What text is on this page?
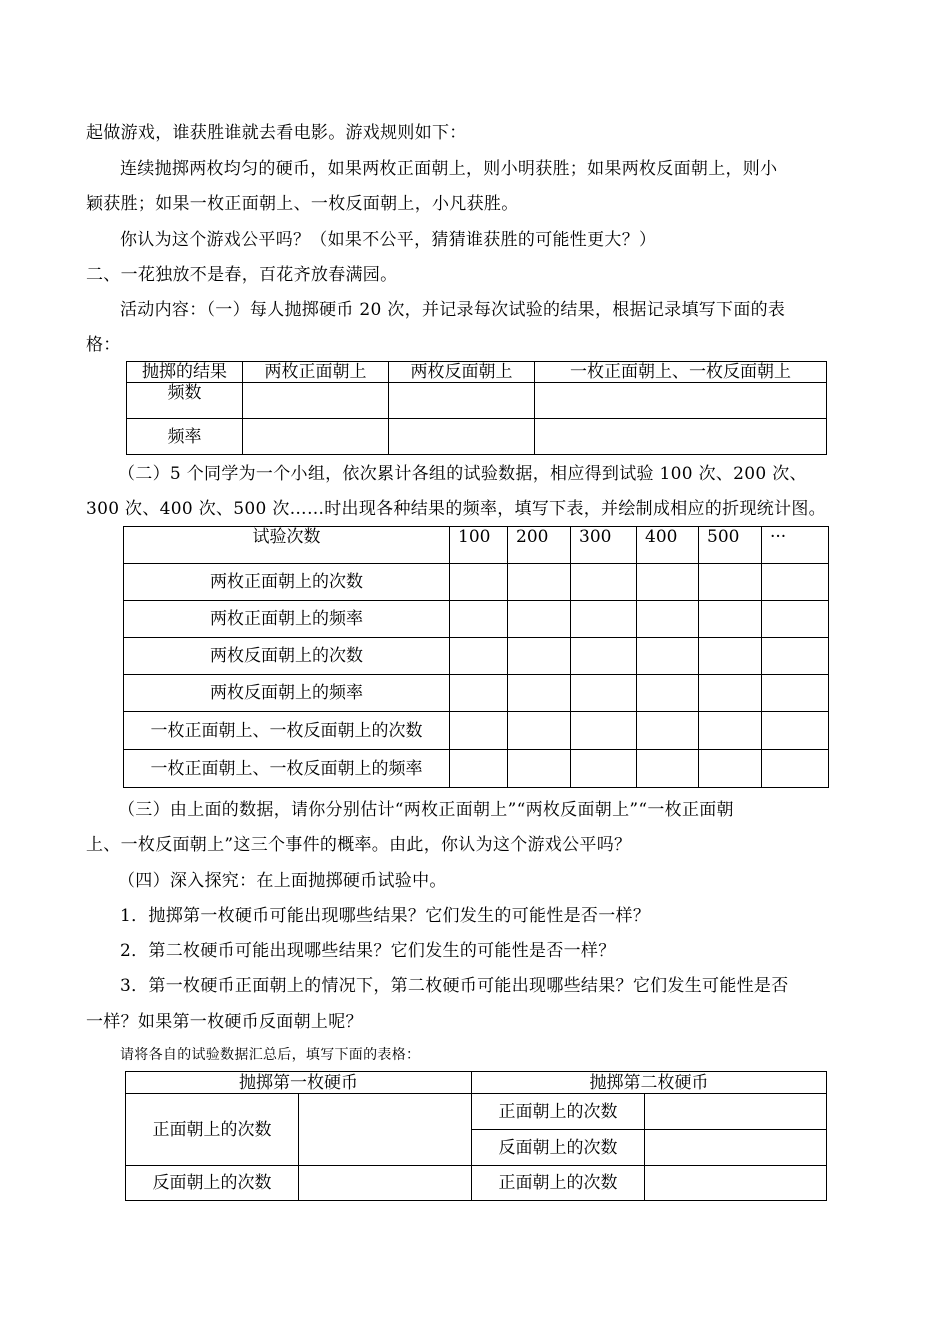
起做游戏，谁获胜谁就去看电影。游戏规则如下：
连续抛掷两枚均匀的硬币，如果两枚正面朝上，则小明获胜；如果两枚反面朝上，则小
颖获胜；如果一枚正面朝上、一枚反面朝上，小凡获胜。
你认为这个游戏公平吗？（如果不公平，猜猜谁获胜的可能性更大？）
二、一花独放不是春，百花齐放春满园。
活动内容：（一）每人抛掷硬币 20 次，并记录每次试验的结果，根据记录填写下面的表
格：
抛掷的结果	两枚正面朝上	两枚反面朝上	一枚正面朝上、一枚反面朝上
频数			
频率			
（二）5 个同学为一个小组，依次累计各组的试验数据，相应得到试验 100 次、200 次、
300 次、400 次、500 次……时出现各种结果的频率，填写下表，并绘制成相应的折现统计图。
试验次数	100	200	300	400	500	···
两枚正面朝上的次数						
两枚正面朝上的频率						
两枚反面朝上的次数						
两枚反面朝上的频率						
一枚正面朝上、一枚反面朝上的次数						
一枚正面朝上、一枚反面朝上的频率						
（三）由上面的数据，请你分别估计“两枚正面朝上”“两枚反面朝上”“一枚正面朝
上、一枚反面朝上”这三个事件的概率。由此，你认为这个游戏公平吗？
（四）深入探究：在上面抛掷硬币试验中。
1．抛掷第一枚硬币可能出现哪些结果？它们发生的可能性是否一样？
2．第二枚硬币可能出现哪些结果？它们发生的可能性是否一样？
3．第一枚硬币正面朝上的情况下，第二枚硬币可能出现哪些结果？它们发生可能性是否
一样？如果第一枚硬币反面朝上呢？
请将各自的试验数据汇总后，填写下面的表格：
抛掷第一枚硬币		抛掷第二枚硬币	
正面朝上的次数		正面朝上的次数	
		反面朝上的次数	
反面朝上的次数		正面朝上的次数	
